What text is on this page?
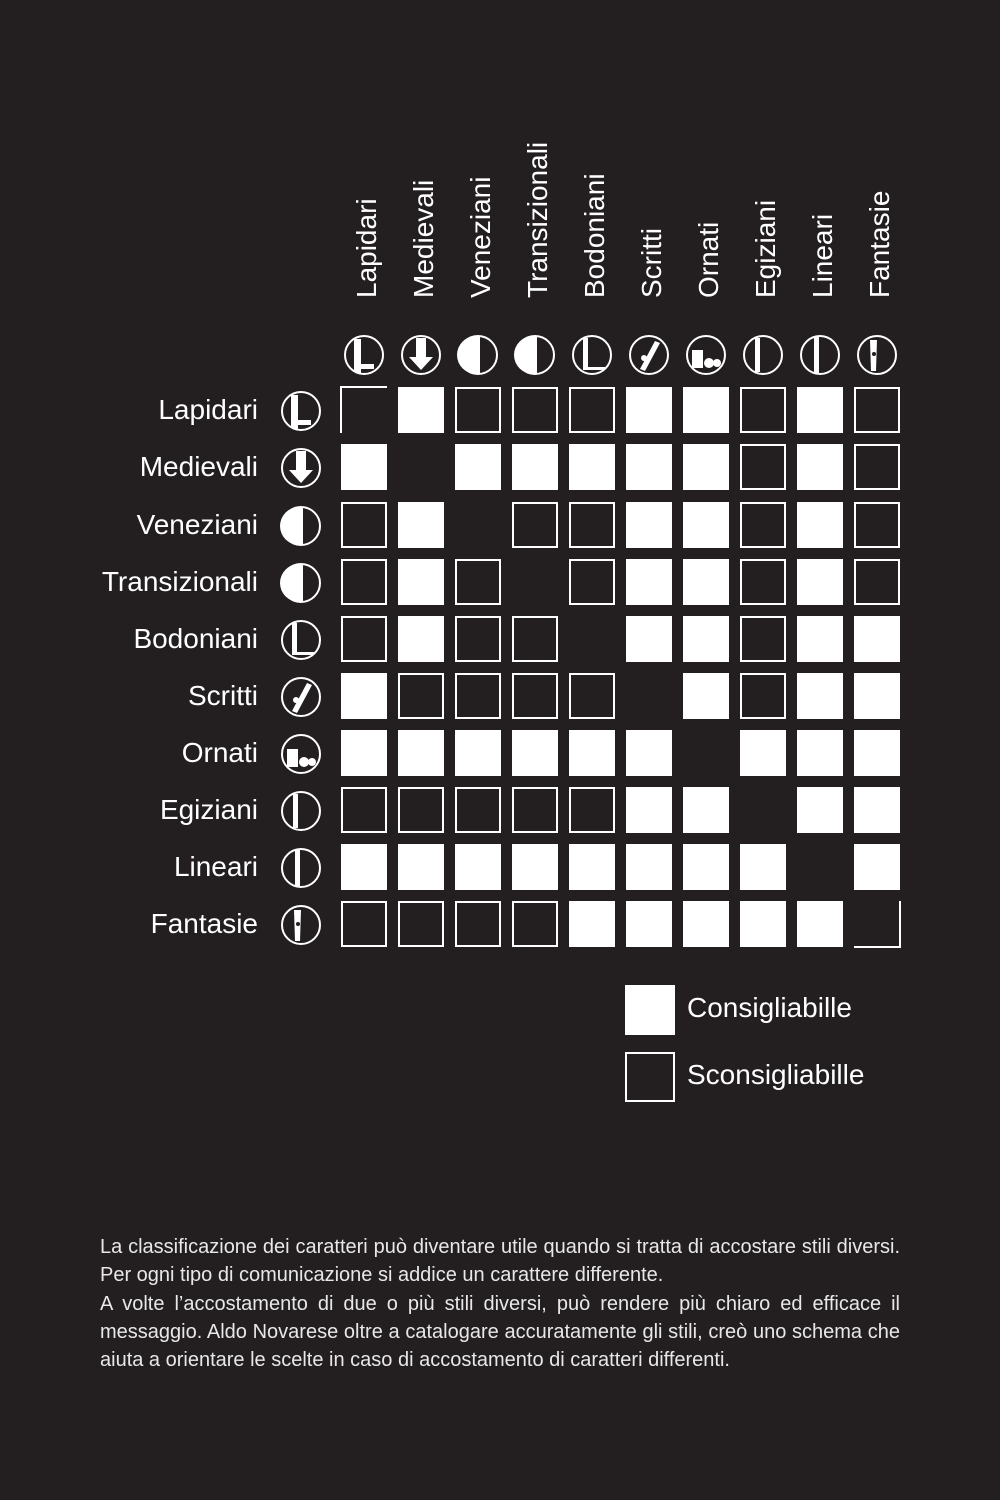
Lapidari Medievali Veneziani Transizionali Bodoniani Scritti Ornati Egiziani Lineari Fantasie
Lapidari
Medievali
Veneziani
Transizionali
Bodoniani
Scritti
Ornati
Egiziani
Lineari
Fantasie
Consigliabille
Sconsigliabille

La classificazione dei caratteri può diventare utile quando si tratta di accostare stili diversi. Per ogni tipo di comunicazione si addice un carattere differente.

A volte l’accostamento di due o più stili diversi, può rendere più chiaro ed efficace il messaggio. Aldo Novarese oltre a catalogare accuratamente gli stili, creò uno schema che aiuta a orientare le scelte in caso di accostamento di caratteri differenti.
